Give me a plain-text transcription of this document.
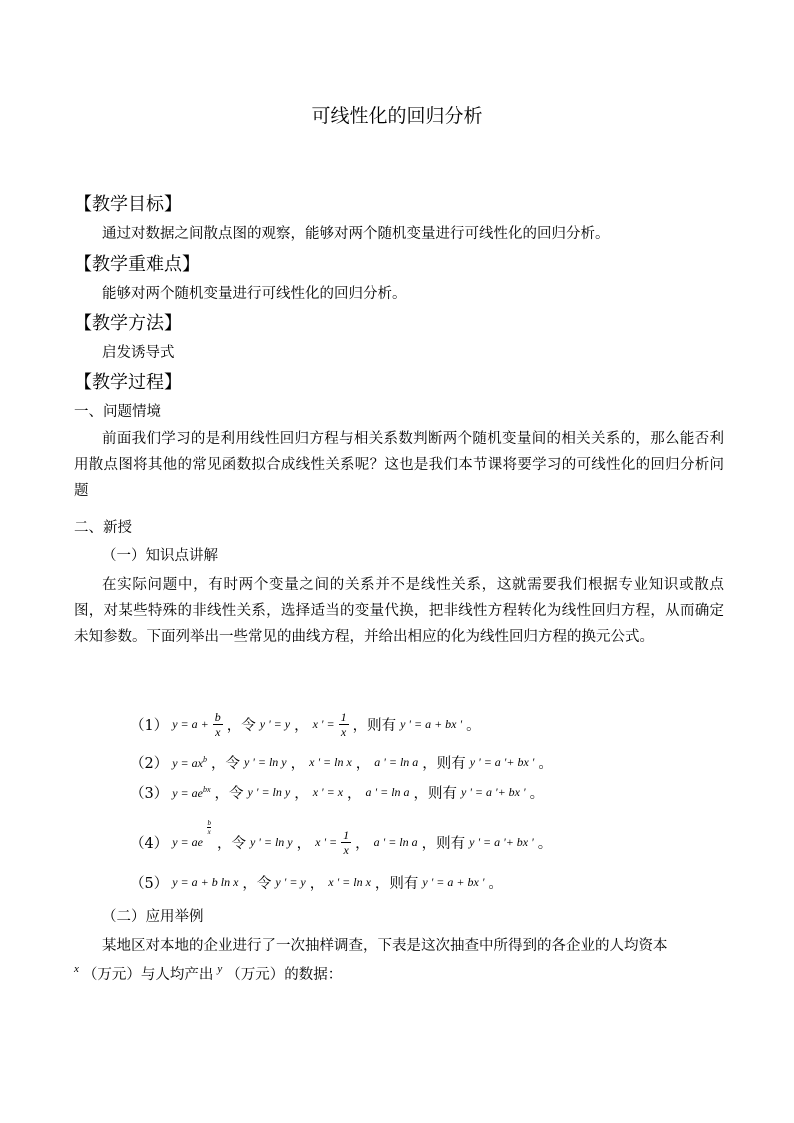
可线性化的回归分析
【教学目标】
通过对数据之间散点图的观察，能够对两个随机变量进行可线性化的回归分析。
【教学重难点】
能够对两个随机变量进行可线性化的回归分析。
【教学方法】
启发诱导式
【教学过程】
一、问题情境
前面我们学习的是利用线性回归方程与相关系数判断两个随机变量间的相关关系的，那么能否利用散点图将其他的常见函数拟合成线性关系呢？这也是我们本节课将要学习的可线性化的回归分析问题
二、新授
（一）知识点讲解
在实际问题中，有时两个变量之间的关系并不是线性关系，这就需要我们根据专业知识或散点图，对某些特殊的非线性关系，选择适当的变量代换，把非线性方程转化为线性回归方程，从而确定未知参数。下面列举出一些常见的曲线方程，并给出相应的化为线性回归方程的换元公式。
（1） $y = a + \frac{b}{x}$ ，令 y ' = y ， x ' = $\frac{1}{x}$ ，则有 y ' = a + bx ' 。
（2） $y = ax^b$ ，令 y ' = ln y ， x ' = ln x ， a ' = ln a ，则有 y ' = a '+ bx ' 。
（3） $y = ae^{bx}$ ，令 y ' = ln y ， x ' = x ， a ' = ln a ，则有 y ' = a '+ bx ' 。
（4） y = ae
b
x
，令 y ' = ln y ， x ' = $\frac{1}{x}$ ， a ' = ln a ，则有 y ' = a '+ bx ' 。
（5） y = a + b ln x ，令 y ' = y ， x ' = ln x ，则有 y ' = a + bx ' 。
（二）应用举例
某地区对本地的企业进行了一次抽样调查，下表是这次抽查中所得到的各企业的人均资本
x （万元）与人均产出 y （万元）的数据：
